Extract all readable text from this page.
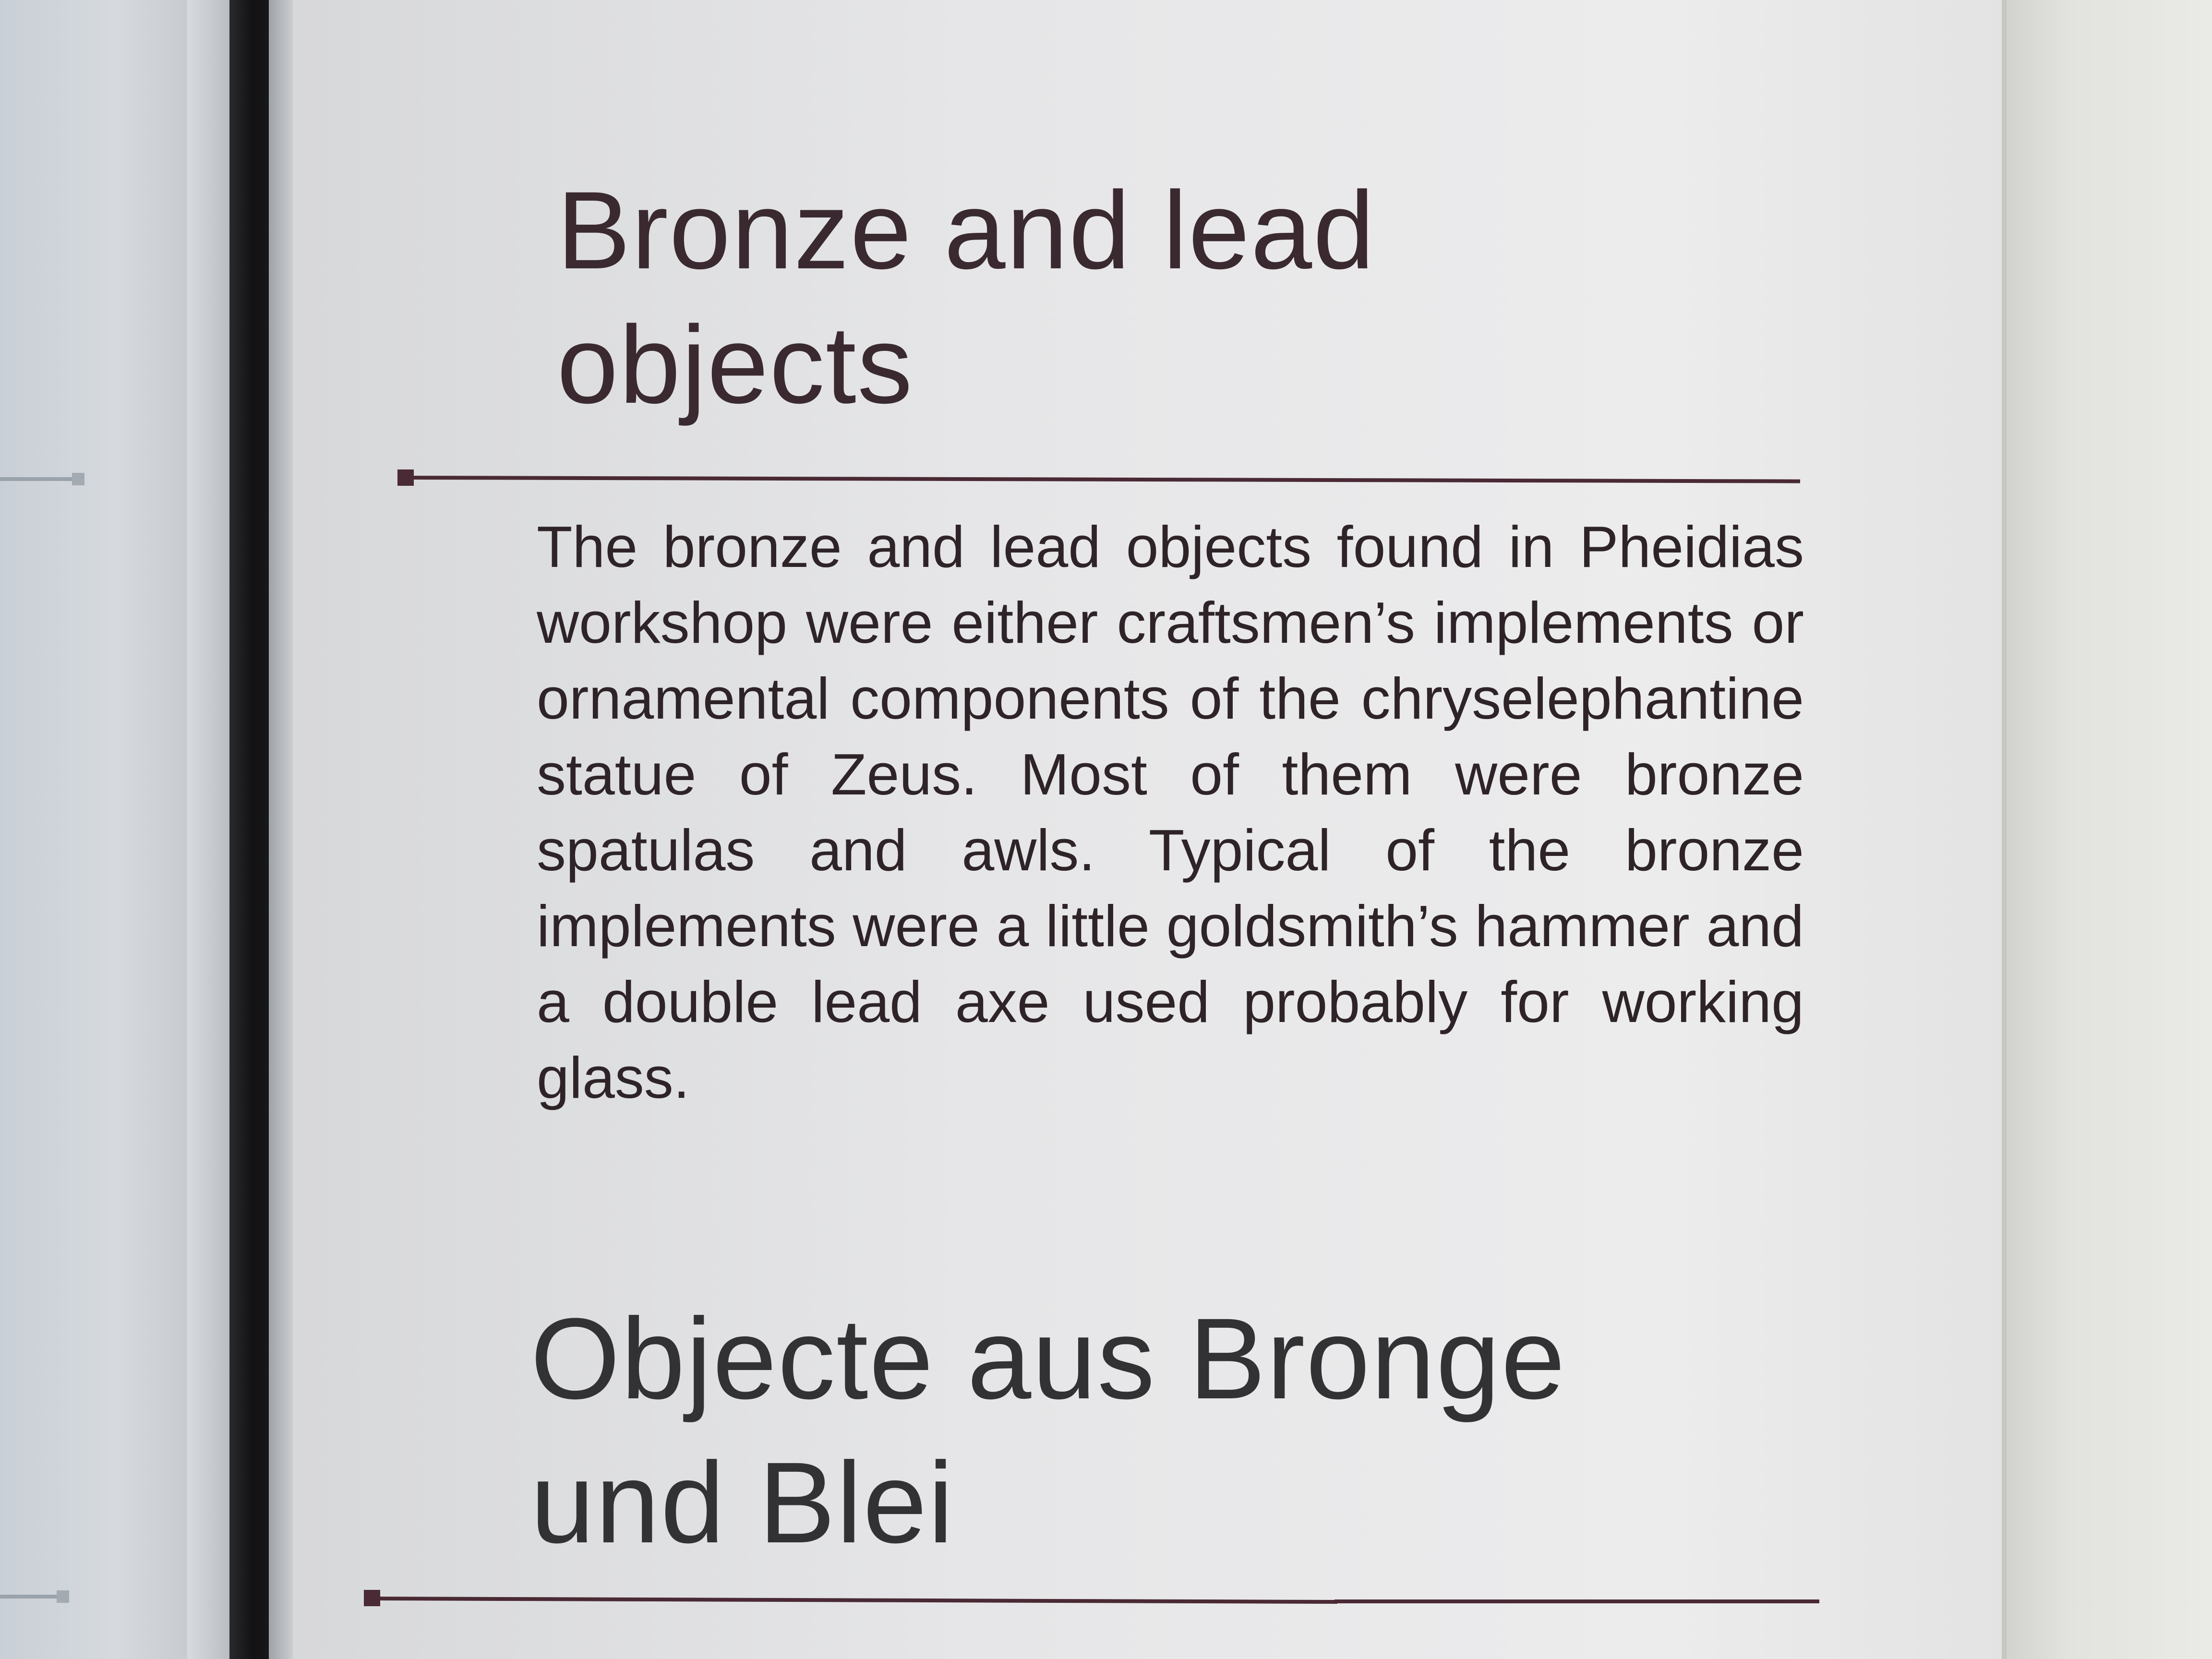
Bronze and lead
objects

The bronze and lead objects found in Pheidias workshop were either craftsmen’s implements or ornamental components of the chryselephantine statue of Zeus. Most of them were bronze spatulas and awls. Typical of the bronze implements were a little goldsmith’s hammer and a double lead axe used probably for working glass.

Objecte aus Bronge
und Blei
